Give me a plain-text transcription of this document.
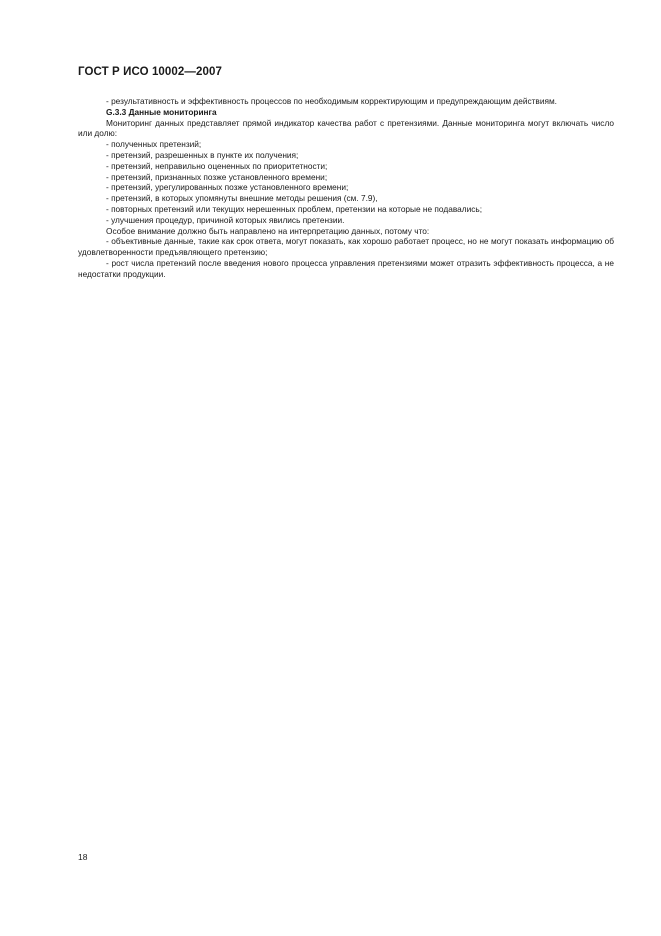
ГОСТ Р ИСО 10002—2007

- результативность и эффективность процессов по необходимым корректирующим и предупреждающим действиям.

G.3.3 Данные мониторинга

Мониторинг данных представляет прямой индикатор качества работ с претензиями. Данные мониторинга могут включать число или долю:

- полученных претензий;

- претензий, разрешенных в пункте их получения;

- претензий, неправильно оцененных по приоритетности;

- претензий, признанных позже установленного времени;

- претензий, урегулированных позже установленного времени;

- претензий, в которых упомянуты внешние методы решения (см. 7.9),

- повторных претензий или текущих нерешенных проблем, претензии на которые не подавались;

- улучшения процедур, причиной которых явились претензии.

Особое внимание должно быть направлено на интерпретацию данных, потому что:

- объективные данные, такие как срок ответа, могут показать, как хорошо работает процесс, но не могут показать информацию об удовлетворенности предъявляющего претензию;

- рост числа претензий после введения нового процесса управления претензиями может отразить эффективность процесса, а не недостатки продукции.

18
